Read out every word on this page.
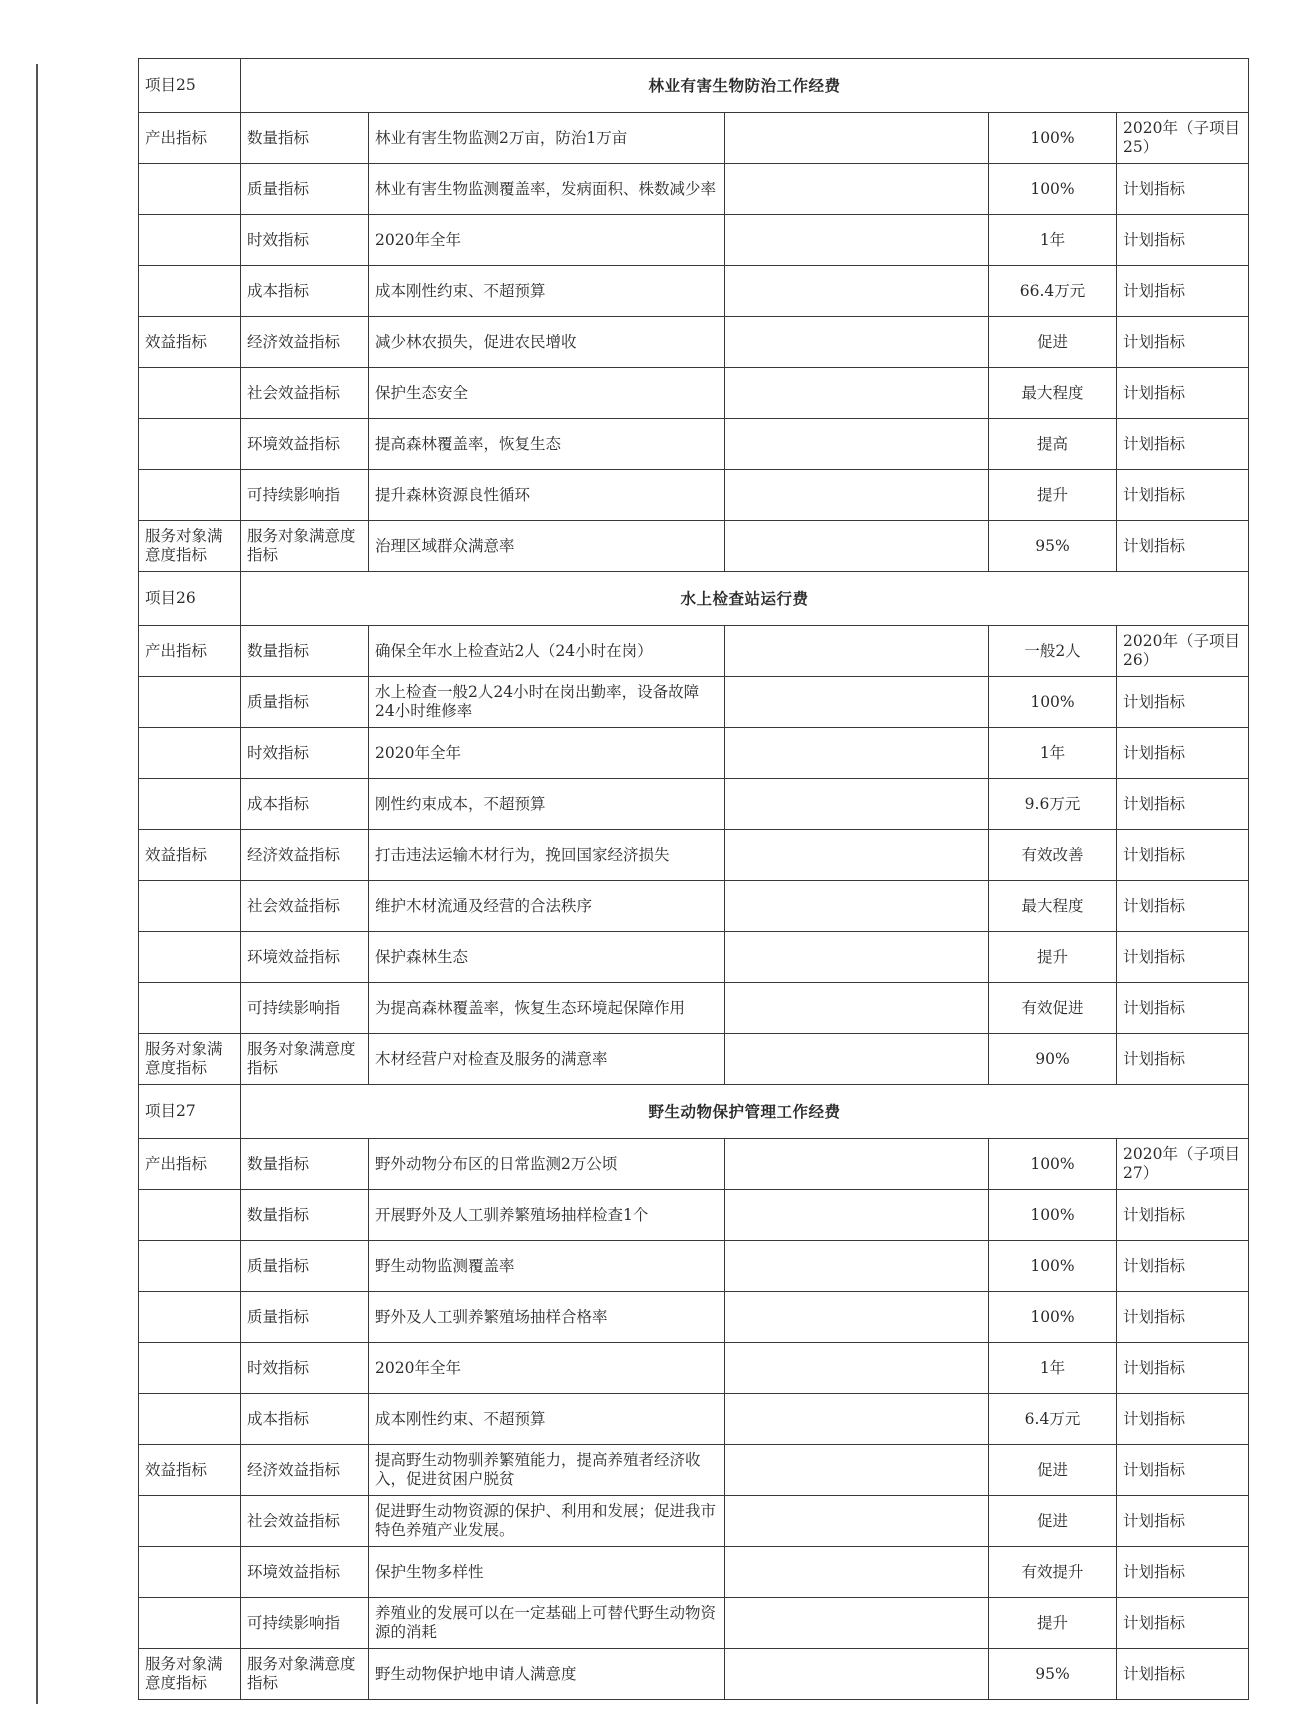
项目25	林业有害生物防治工作经费				
产出指标	数量指标	林业有害生物监测2万亩，防治1万亩		100%	2020年（子项目25）
	质量指标	林业有害生物监测覆盖率，发病面积、株数减少率		100%	计划指标
	时效指标	2020年全年		1年	计划指标
	成本指标	成本刚性约束、不超预算		66.4万元	计划指标
效益指标	经济效益指标	减少林农损失，促进农民增收		促进	计划指标
	社会效益指标	保护生态安全		最大程度	计划指标
	环境效益指标	提高森林覆盖率，恢复生态		提高	计划指标
	可持续影响指	提升森林资源良性循环		提升	计划指标
服务对象满意度指标	服务对象满意度指标	治理区域群众满意率		95%	计划指标
项目26	水上检查站运行费				
产出指标	数量指标	确保全年水上检查站2人（24小时在岗）		一般2人	2020年（子项目26）
	质量指标	水上检查一般2人24小时在岗出勤率，设备故障24小时维修率		100%	计划指标
	时效指标	2020年全年		1年	计划指标
	成本指标	刚性约束成本，不超预算		9.6万元	计划指标
效益指标	经济效益指标	打击违法运输木材行为，挽回国家经济损失		有效改善	计划指标
	社会效益指标	维护木材流通及经营的合法秩序		最大程度	计划指标
	环境效益指标	保护森林生态		提升	计划指标
	可持续影响指	为提高森林覆盖率，恢复生态环境起保障作用		有效促进	计划指标
服务对象满意度指标	服务对象满意度指标	木材经营户对检查及服务的满意率		90%	计划指标
项目27	野生动物保护管理工作经费				
产出指标	数量指标	野外动物分布区的日常监测2万公顷		100%	2020年（子项目27）
	数量指标	开展野外及人工驯养繁殖场抽样检查1个		100%	计划指标
	质量指标	野生动物监测覆盖率		100%	计划指标
	质量指标	野外及人工驯养繁殖场抽样合格率		100%	计划指标
	时效指标	2020年全年		1年	计划指标
	成本指标	成本刚性约束、不超预算		6.4万元	计划指标
效益指标	经济效益指标	提高野生动物驯养繁殖能力，提高养殖者经济收入，促进贫困户脱贫		促进	计划指标
	社会效益指标	促进野生动物资源的保护、利用和发展；促进我市特色养殖产业发展。		促进	计划指标
	环境效益指标	保护生物多样性		有效提升	计划指标
	可持续影响指	养殖业的发展可以在一定基础上可替代野生动物资源的消耗		提升	计划指标
服务对象满意度指标	服务对象满意度指标	野生动物保护地申请人满意度		95%	计划指标
